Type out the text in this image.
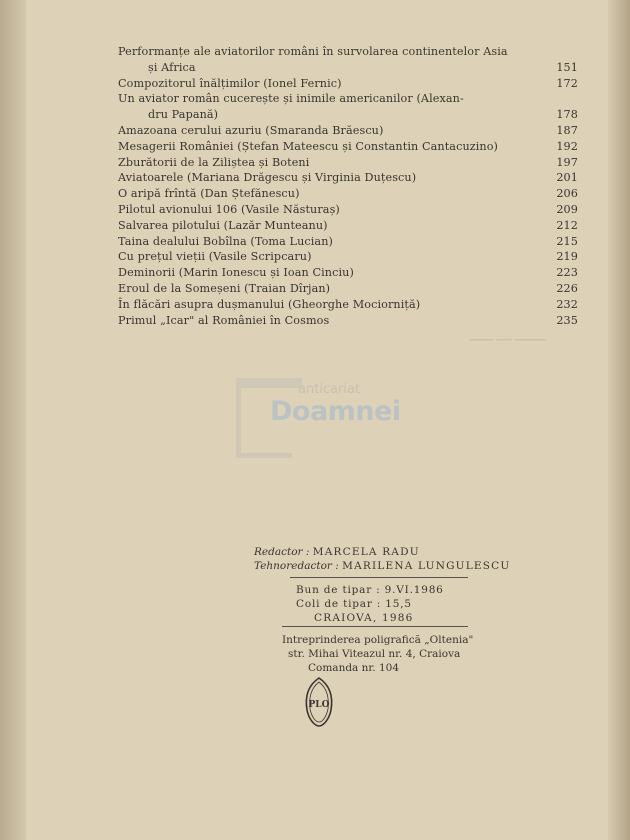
▁▁▁ ▁▁ ▁▁▁▁
Performanțe ale aviatorilor români în survolarea continentelor Asia
și Africa	151
Compozitorul înălțimilor (Ionel Fernic)	172
Un aviator român cucerește și inimile americanilor (Alexan-
dru Papană)	178
Amazoana cerului azuriu (Smaranda Brăescu)	187
Mesagerii României (Ștefan Mateescu și Constantin Cantacuzino)	192
Zburătorii de la Ziliștea și Boteni	197
Aviatoarele (Mariana Drăgescu și Virginia Duțescu)	201
O aripă frîntă (Dan Ștefănescu)	206
Pilotul avionului 106 (Vasile Năsturaș)	209
Salvarea pilotului (Lazăr Munteanu)	212
Taina dealului Bobîlna (Toma Lucian)	215
Cu prețul vieții (Vasile Scripcaru)	219
Deminorii (Marin Ionescu și Ioan Cinciu)	223
Eroul de la Someșeni (Traian Dîrjan)	226
În flăcări asupra dușmanului (Gheorghe Mociorniță)	232
Primul „Icar" al României în Cosmos	235
anticariat
Doamnei
Redactor : MARCELA RADU
Tehnoredactor : MARILENA LUNGULESCU
Bun de tipar : 9.VI.1986
Coli de tipar : 15,5
CRAIOVA, 1986
Intreprinderea poligrafică „Oltenia"
str. Mihai Viteazul nr. 4, Craiova
Comanda nr. 104
PLO
